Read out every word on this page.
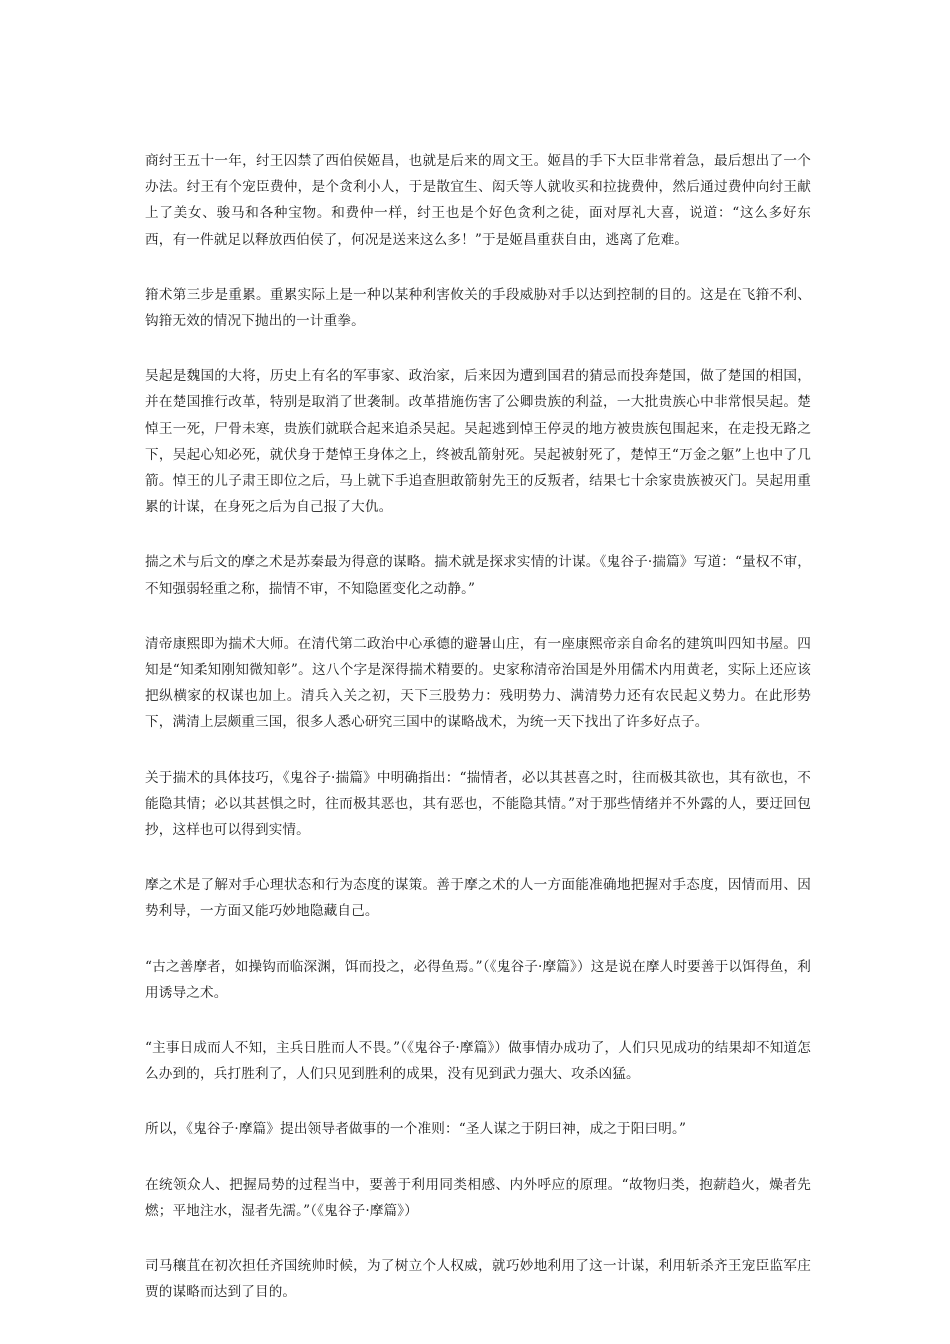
商纣王五十一年，纣王囚禁了西伯侯姬昌，也就是后来的周文王。姬昌的手下大臣非常着急，最后想出了一个办法。纣王有个宠臣费仲，是个贪利小人，于是散宜生、闳夭等人就收买和拉拢费仲，然后通过费仲向纣王献上了美女、骏马和各种宝物。和费仲一样，纣王也是个好色贪利之徒，面对厚礼大喜，说道：“这么多好东西，有一件就足以释放西伯侯了，何况是送来这么多！”于是姬昌重获自由，逃离了危难。

箝术第三步是重累。重累实际上是一种以某种利害攸关的手段威胁对手以达到控制的目的。这是在飞箝不利、钩箝无效的情况下抛出的一计重拳。

吴起是魏国的大将，历史上有名的军事家、政治家，后来因为遭到国君的猜忌而投奔楚国，做了楚国的相国，并在楚国推行改革，特别是取消了世袭制。改革措施伤害了公卿贵族的利益，一大批贵族心中非常恨吴起。楚悼王一死，尸骨未寒，贵族们就联合起来追杀吴起。吴起逃到悼王停灵的地方被贵族包围起来，在走投无路之下，吴起心知必死，就伏身于楚悼王身体之上，终被乱箭射死。吴起被射死了，楚悼王“万金之躯”上也中了几箭。悼王的儿子肃王即位之后，马上就下手追查胆敢箭射先王的反叛者，结果七十余家贵族被灭门。吴起用重累的计谋，在身死之后为自己报了大仇。

揣之术与后文的摩之术是苏秦最为得意的谋略。揣术就是探求实情的计谋。《鬼谷子·揣篇》写道：“量权不审，不知强弱轻重之称，揣情不审，不知隐匿变化之动静。”

清帝康熙即为揣术大师。在清代第二政治中心承德的避暑山庄，有一座康熙帝亲自命名的建筑叫四知书屋。四知是“知柔知刚知微知彰”。这八个字是深得揣术精要的。史家称清帝治国是外用儒术内用黄老，实际上还应该把纵横家的权谋也加上。清兵入关之初，天下三股势力：残明势力、满清势力还有农民起义势力。在此形势下，满清上层颇重三国，很多人悉心研究三国中的谋略战术，为统一天下找出了许多好点子。

关于揣术的具体技巧，《鬼谷子·揣篇》中明确指出：“揣情者，必以其甚喜之时，往而极其欲也，其有欲也，不能隐其情；必以其甚惧之时，往而极其恶也，其有恶也，不能隐其情。”对于那些情绪并不外露的人，要迂回包抄，这样也可以得到实情。

摩之术是了解对手心理状态和行为态度的谋策。善于摩之术的人一方面能准确地把握对手态度，因情而用、因势利导，一方面又能巧妙地隐藏自己。

“古之善摩者，如操钩而临深渊，饵而投之，必得鱼焉。”（《鬼谷子·摩篇》）这是说在摩人时要善于以饵得鱼，利用诱导之术。

“主事日成而人不知，主兵日胜而人不畏。”（《鬼谷子·摩篇》）做事情办成功了，人们只见成功的结果却不知道怎么办到的，兵打胜利了，人们只见到胜利的成果，没有见到武力强大、攻杀凶猛。

所以，《鬼谷子·摩篇》提出领导者做事的一个准则：“圣人谋之于阴曰神，成之于阳曰明。”

在统领众人、把握局势的过程当中，要善于利用同类相感、内外呼应的原理。“故物归类，抱薪趋火，燥者先燃；平地注水，湿者先濡。”（《鬼谷子·摩篇》）

司马穰苴在初次担任齐国统帅时候，为了树立个人权威，就巧妙地利用了这一计谋，利用斩杀齐王宠臣监军庄贾的谋略而达到了目的。
